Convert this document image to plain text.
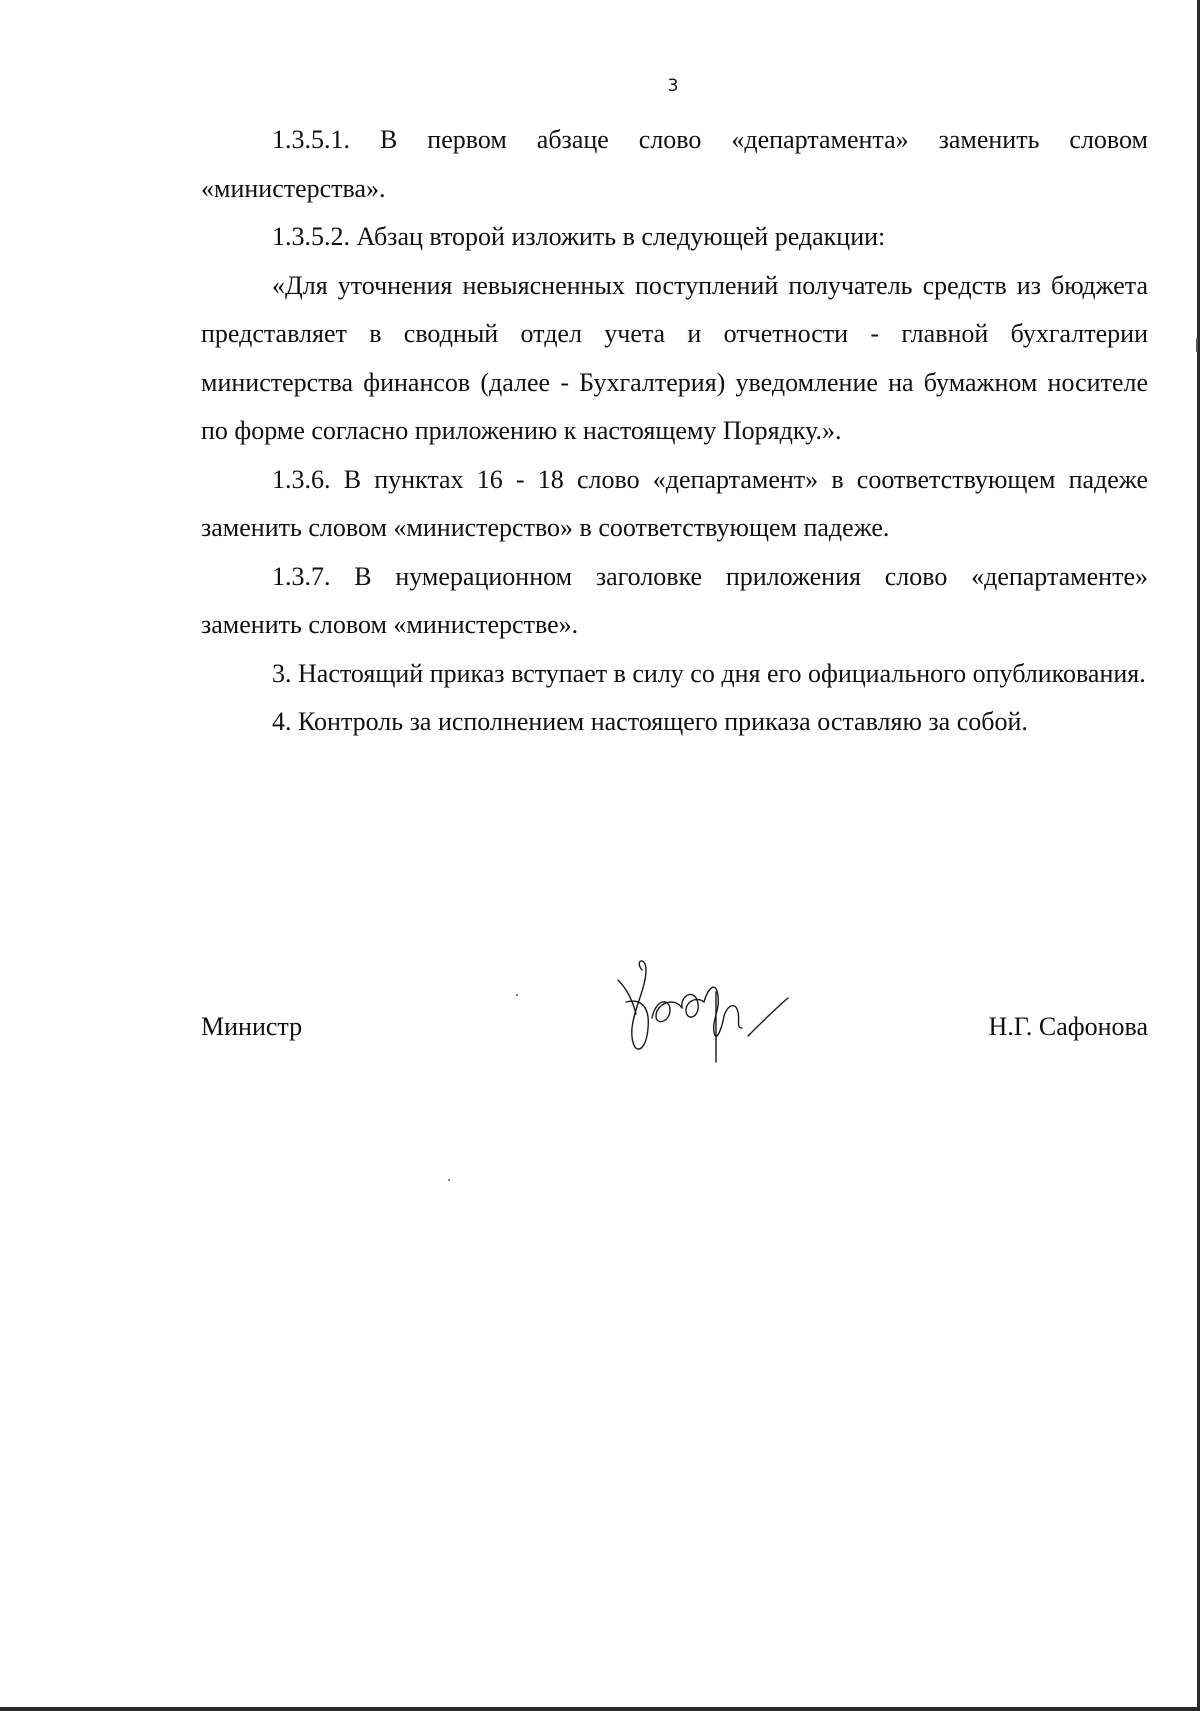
3

1.3.5.1. В первом абзаце слово «департамента» заменить словом «министерства».

1.3.5.2. Абзац второй изложить в следующей редакции:

«Для уточнения невыясненных поступлений получатель средств из бюджета представляет в сводный отдел учета и отчетности - главной бухгалтерии министерства финансов (далее - Бухгалтерия) уведомление на бумажном носителе по форме согласно приложению к настоящему Порядку.».

1.3.6. В пунктах 16 - 18 слово «департамент» в соответствующем падеже заменить словом «министерство» в соответствующем падеже.

1.3.7. В нумерационном заголовке приложения слово «департаменте» заменить словом «министерстве».

3. Настоящий приказ вступает в силу со дня его официального опубликования.

4. Контроль за исполнением настоящего приказа оставляю за собой.

Министр	Н.Г. Сафонова
